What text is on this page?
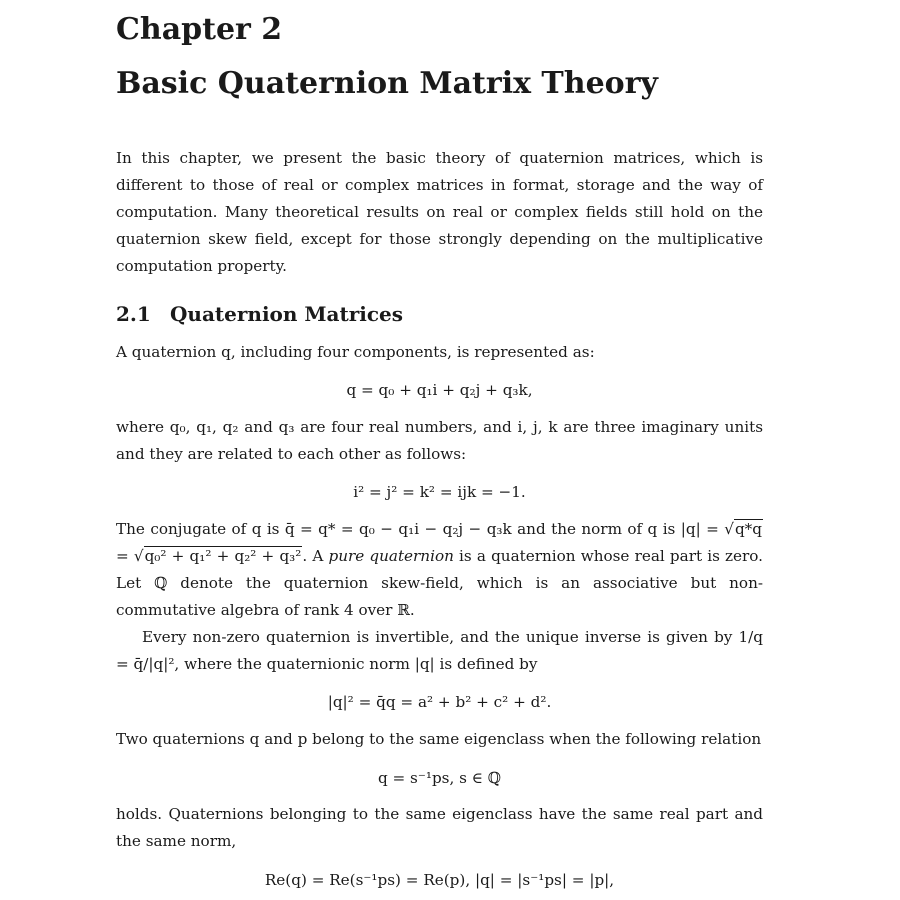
Chapter 2
Basic Quaternion Matrix Theory

In this chapter, we present the basic theory of quaternion matrices, which is different to those of real or complex matrices in format, storage and the way of computation. Many theoretical results on real or complex fields still hold on the quaternion skew field, except for those strongly depending on the multiplicative computation property.

2.1 Quaternion Matrices

A quaternion q, including four components, is represented as:

q = q₀ + q₁i + q₂j + q₃k,

where q₀, q₁, q₂ and q₃ are four real numbers, and i, j, k are three imaginary units and they are related to each other as follows:

i² = j² = k² = ijk = −1.

The conjugate of q is q̄ = q* = q₀ − q₁i − q₂j − q₃k and the norm of q is |q| = √q*q = √q₀² + q₁² + q₂² + q₃². A pure quaternion is a quaternion whose real part is zero. Let ℚ denote the quaternion skew-field, which is an associative but non-commutative algebra of rank 4 over ℝ.

Every non-zero quaternion is invertible, and the unique inverse is given by 1/q = q̄/|q|², where the quaternionic norm |q| is defined by

|q|² = q̄q = a² + b² + c² + d².

Two quaternions q and p belong to the same eigenclass when the following relation

q = s⁻¹ps, s ∈ ℚ

holds. Quaternions belonging to the same eigenclass have the same real part and the same norm,

Re(q) = Re(s⁻¹ps) = Re(p), |q| = |s⁻¹ps| = |p|,
